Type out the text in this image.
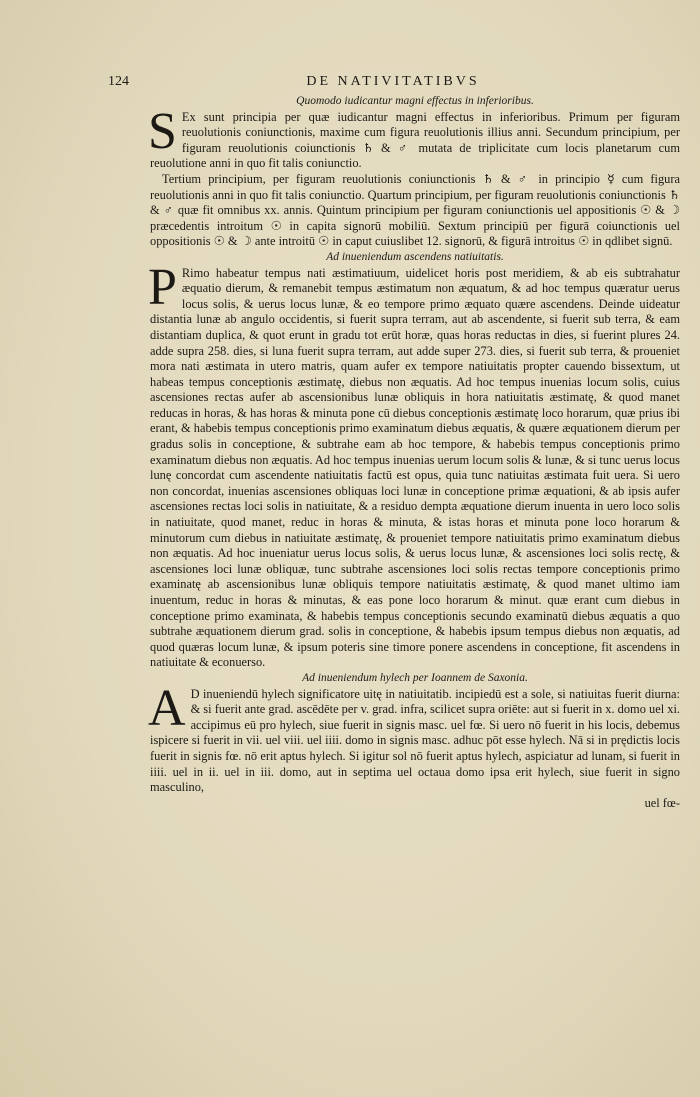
124	DE NATIVITATIBVS

Quomodo iudicantur magni effectus in inferioribus.

S Ex sunt principia per quæ iudicantur magni effectus in inferioribus. Primum per figuram reuolutionis coniunctionis, maxime cum figura reuolutionis illius anni. Secundum principium, per figuram reuolutionis coiunctionis ♄ & ♂ mutata de triplicitate cum locis planetarum cum reuolutione anni in quo fit talis coniunctio.

Tertium principium, per figuram reuolutionis coniunctionis ♄ & ♂ in principio ☿ cum figura reuolutionis anni in quo fit talis coniunctio. Quartum principium, per figuram reuolutionis coniunctionis ♄ & ♂ quæ fit omnibus xx. annis. Quintum principium per figuram coniunctionis uel appositionis ☉ & ☽ præcedentis introitum ☉ in capita signorū mobiliū. Sextum principiū per figurā coiunctionis uel oppositionis ☉ & ☽ ante introitū ☉ in caput cuiuslibet 12. signorū, & figurā introitus ☉ in qdlibet signū.

Ad inueniendum ascendens natiuitatis.

P Rimo habeatur tempus nati æstimatiuum, uidelicet horis post meridiem, & ab eis subtrahatur æquatio dierum, & remanebit tempus æstimatum non æquatum, & ad hoc tempus quæratur uerus locus solis, & uerus locus lunæ, & eo tempore primo æquato quære ascendens. Deinde uideatur distantia lunæ ab angulo occidentis, si fuerit supra terram, aut ab ascendente, si fuerit sub terra, & eam distantiam duplica, & quot erunt in gradu tot erūt horæ, quas horas reductas in dies, si fuerint plures 24. adde supra 258. dies, si luna fuerit supra terram, aut adde super 273. dies, si fuerit sub terra, & proueniet mora nati æstimata in utero matris, quam aufer ex tempore natiuitatis propter cauendo bissextum, ut habeas tempus conceptionis æstimatę, diebus non æquatis. Ad hoc tempus inuenias locum solis, cuius ascensiones rectas aufer ab ascensionibus lunæ obliquis in hora natiuitatis æstimatę, & quod manet reducas in horas, & has horas & minuta pone cū diebus conceptionis æstimatę loco horarum, quæ prius ibi erant, & habebis tempus conceptionis primo examinatum diebus æquatis, & quære æquationem dierum per gradus solis in conceptione, & subtrahe eam ab hoc tempore, & habebis tempus conceptionis primo examinatum diebus non æquatis. Ad hoc tempus inuenias uerum locum solis & lunæ, & si tunc uerus locus lunę concordat cum ascendente natiuitatis factū est opus, quia tunc natiuitas æstimata fuit uera. Si uero non concordat, inuenias ascensiones obliquas loci lunæ in conceptione primæ æquationi, & ab ipsis aufer ascensiones rectas loci solis in natiuitate, & a residuo dempta æquatione dierum inuenta in uero loco solis in natiuitate, quod manet, reduc in horas & minuta, & istas horas et minuta pone loco horarum & minutorum cum diebus in natiuitate æstimatę, & proueniet tempore natiuitatis primo examinatum diebus non æquatis. Ad hoc inueniatur uerus locus solis, & uerus locus lunæ, & ascensiones loci solis rectę, & ascensiones loci lunæ obliquæ, tunc subtrahe ascensiones loci solis rectas tempore conceptionis primo examinatę ab ascensionibus lunæ obliquis tempore natiuitatis æstimatę, & quod manet ultimo iam inuentum, reduc in horas & minutas, & eas pone loco horarum & minut. quæ erant cum diebus in conceptione primo examinata, & habebis tempus conceptionis secundo examinatū diebus æquatis a quo subtrahe æquationem dierum grad. solis in conceptione, & habebis ipsum tempus diebus non æquatis, ad quod quæras locum lunæ, & ipsum poteris sine timore ponere ascendens in conceptione, fit ascendens in natiuitate & econuerso.

Ad inueniendum hylech per Ioannem de Saxonia.

A D inueniendū hylech significatore uitę in natiuitatib. incipiedū est a sole, si natiuitas fuerit diurna: & si fuerit ante grad. ascēdēte per v. grad. infra, scilicet supra oriēte: aut si fuerit in x. domo uel xi. accipimus eū pro hylech, siue fuerit in signis masc. uel fœ. Si uero nō fuerit in his locis, debemus ispicere si fuerit in vii. uel viii. uel iiii. domo in signis masc. adhuc pōt esse hylech. Nā si in prędictis locis fuerit in signis fœ. nō erit aptus hylech. Si igitur sol nō fuerit aptus hylech, aspiciatur ad lunam, si fuerit in iiii. uel in ii. uel in iii. domo, aut in septima uel octaua domo ipsa erit hylech, siue fuerit in signo masculino,

uel fœ-
